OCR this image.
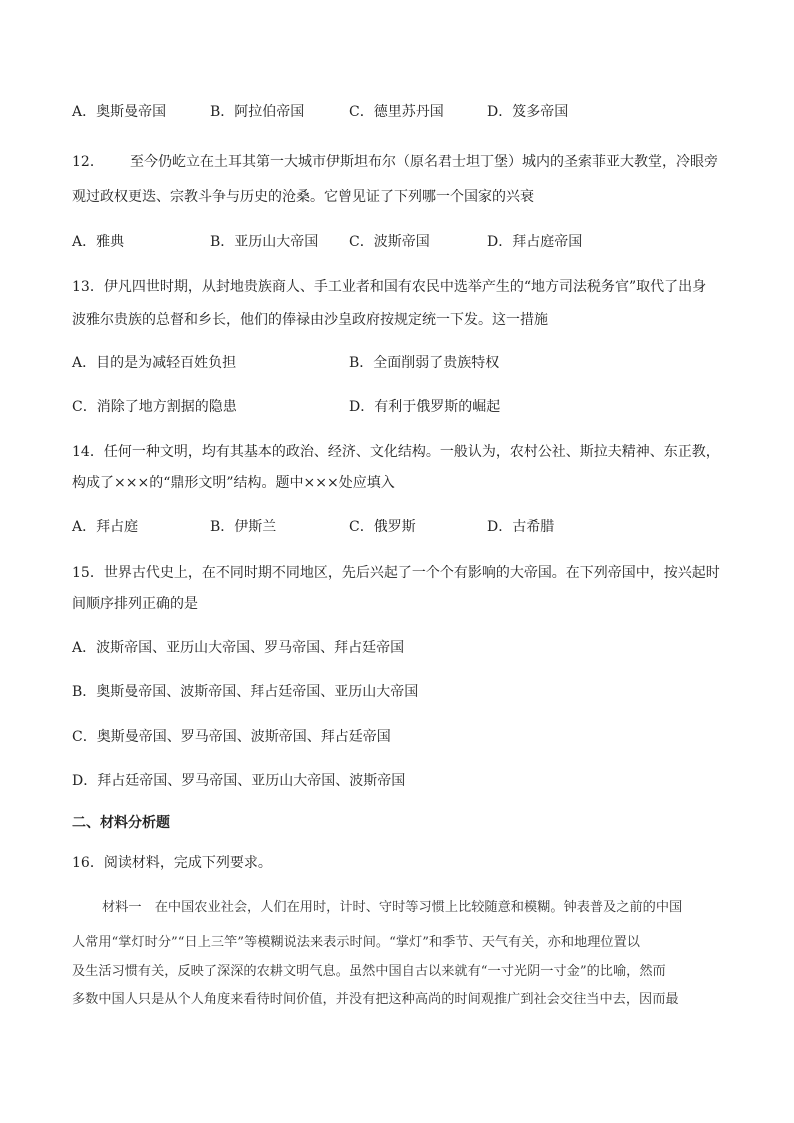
A．奥斯曼帝国	B．阿拉伯帝国	C．德里苏丹国	D．笈多帝国
12． 至今仍屹立在土耳其第一大城市伊斯坦布尔（原名君士坦丁堡）城内的圣索菲亚大教堂，冷眼旁
观过政权更迭、宗教斗争与历史的沧桑。它曾见证了下列哪一个国家的兴衰
A．雅典	B．亚历山大帝国 C．波斯帝国	D．拜占庭帝国
13．伊凡四世时期，从封地贵族商人、手工业者和国有农民中选举产生的“地方司法税务官”取代了出身
波雅尔贵族的总督和乡长，他们的俸禄由沙皇政府按规定统一下发。这一措施
A．目的是为减轻百姓负担	B．全面削弱了贵族特权
C．消除了地方割据的隐患	D．有利于俄罗斯的崛起
14．任何一种文明，均有其基本的政治、经济、文化结构。一般认为，农村公社、斯拉夫精神、东正教，
构成了×××的“鼎形文明”结构。题中×××处应填入
A．拜占庭	B．伊斯兰	C．俄罗斯	D．古希腊
15．世界古代史上，在不同时期不同地区，先后兴起了一个个有影响的大帝国。在下列帝国中，按兴起时
间顺序排列正确的是
A．波斯帝国、亚历山大帝国、罗马帝国、拜占廷帝国
B．奥斯曼帝国、波斯帝国、拜占廷帝国、亚历山大帝国
C．奥斯曼帝国、罗马帝国、波斯帝国、拜占廷帝国
D．拜占廷帝国、罗马帝国、亚历山大帝国、波斯帝国
二、材料分析题
16．阅读材料，完成下列要求。
材料一　在中国农业社会，人们在用时，计时、守时等习惯上比较随意和模糊。钟表普及之前的中国
人常用“掌灯时分”“日上三竿”等模糊说法来表示时间。“掌灯”和季节、天气有关，亦和地理位置以
及生活习惯有关，反映了深深的农耕文明气息。虽然中国自古以来就有“一寸光阴一寸金”的比喻，然而
多数中国人只是从个人角度来看待时间价值，并没有把这种高尚的时间观推广到社会交往当中去，因而最
